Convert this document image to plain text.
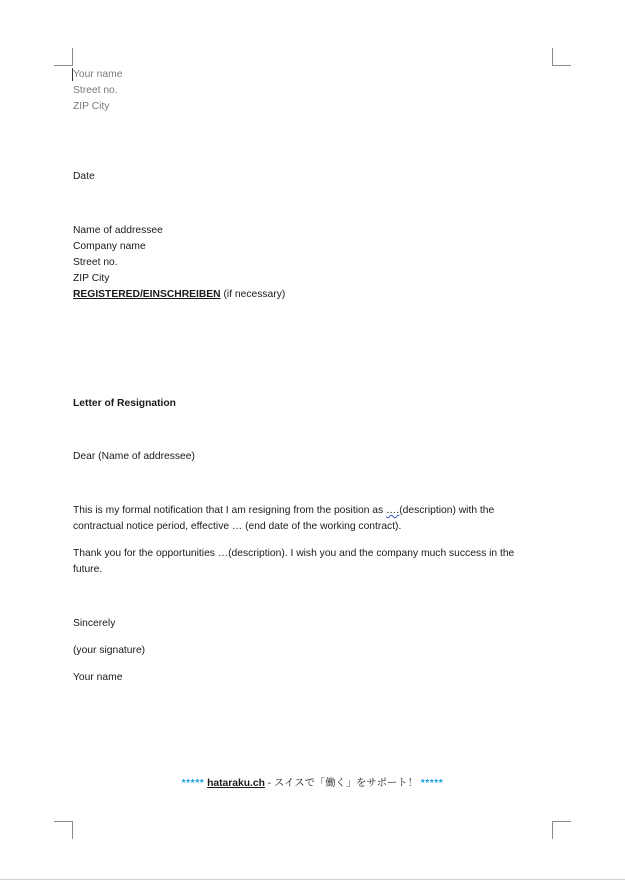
Your name
Street no.
ZIP City
Date
Name of addressee
Company name
Street no.
ZIP City
REGISTERED/EINSCHREIBEN (if necessary)
Letter of Resignation
Dear (Name of addressee)
This is my formal notification that I am resigning from the position as ….(description) with the contractual notice period, effective … (end date of the working contract).
Thank you for the opportunities …(description). I wish you and the company much success in the future.
Sincerely
(your signature)
Your name
***** hataraku.ch - スイスで「働く」をサポート！ *****
